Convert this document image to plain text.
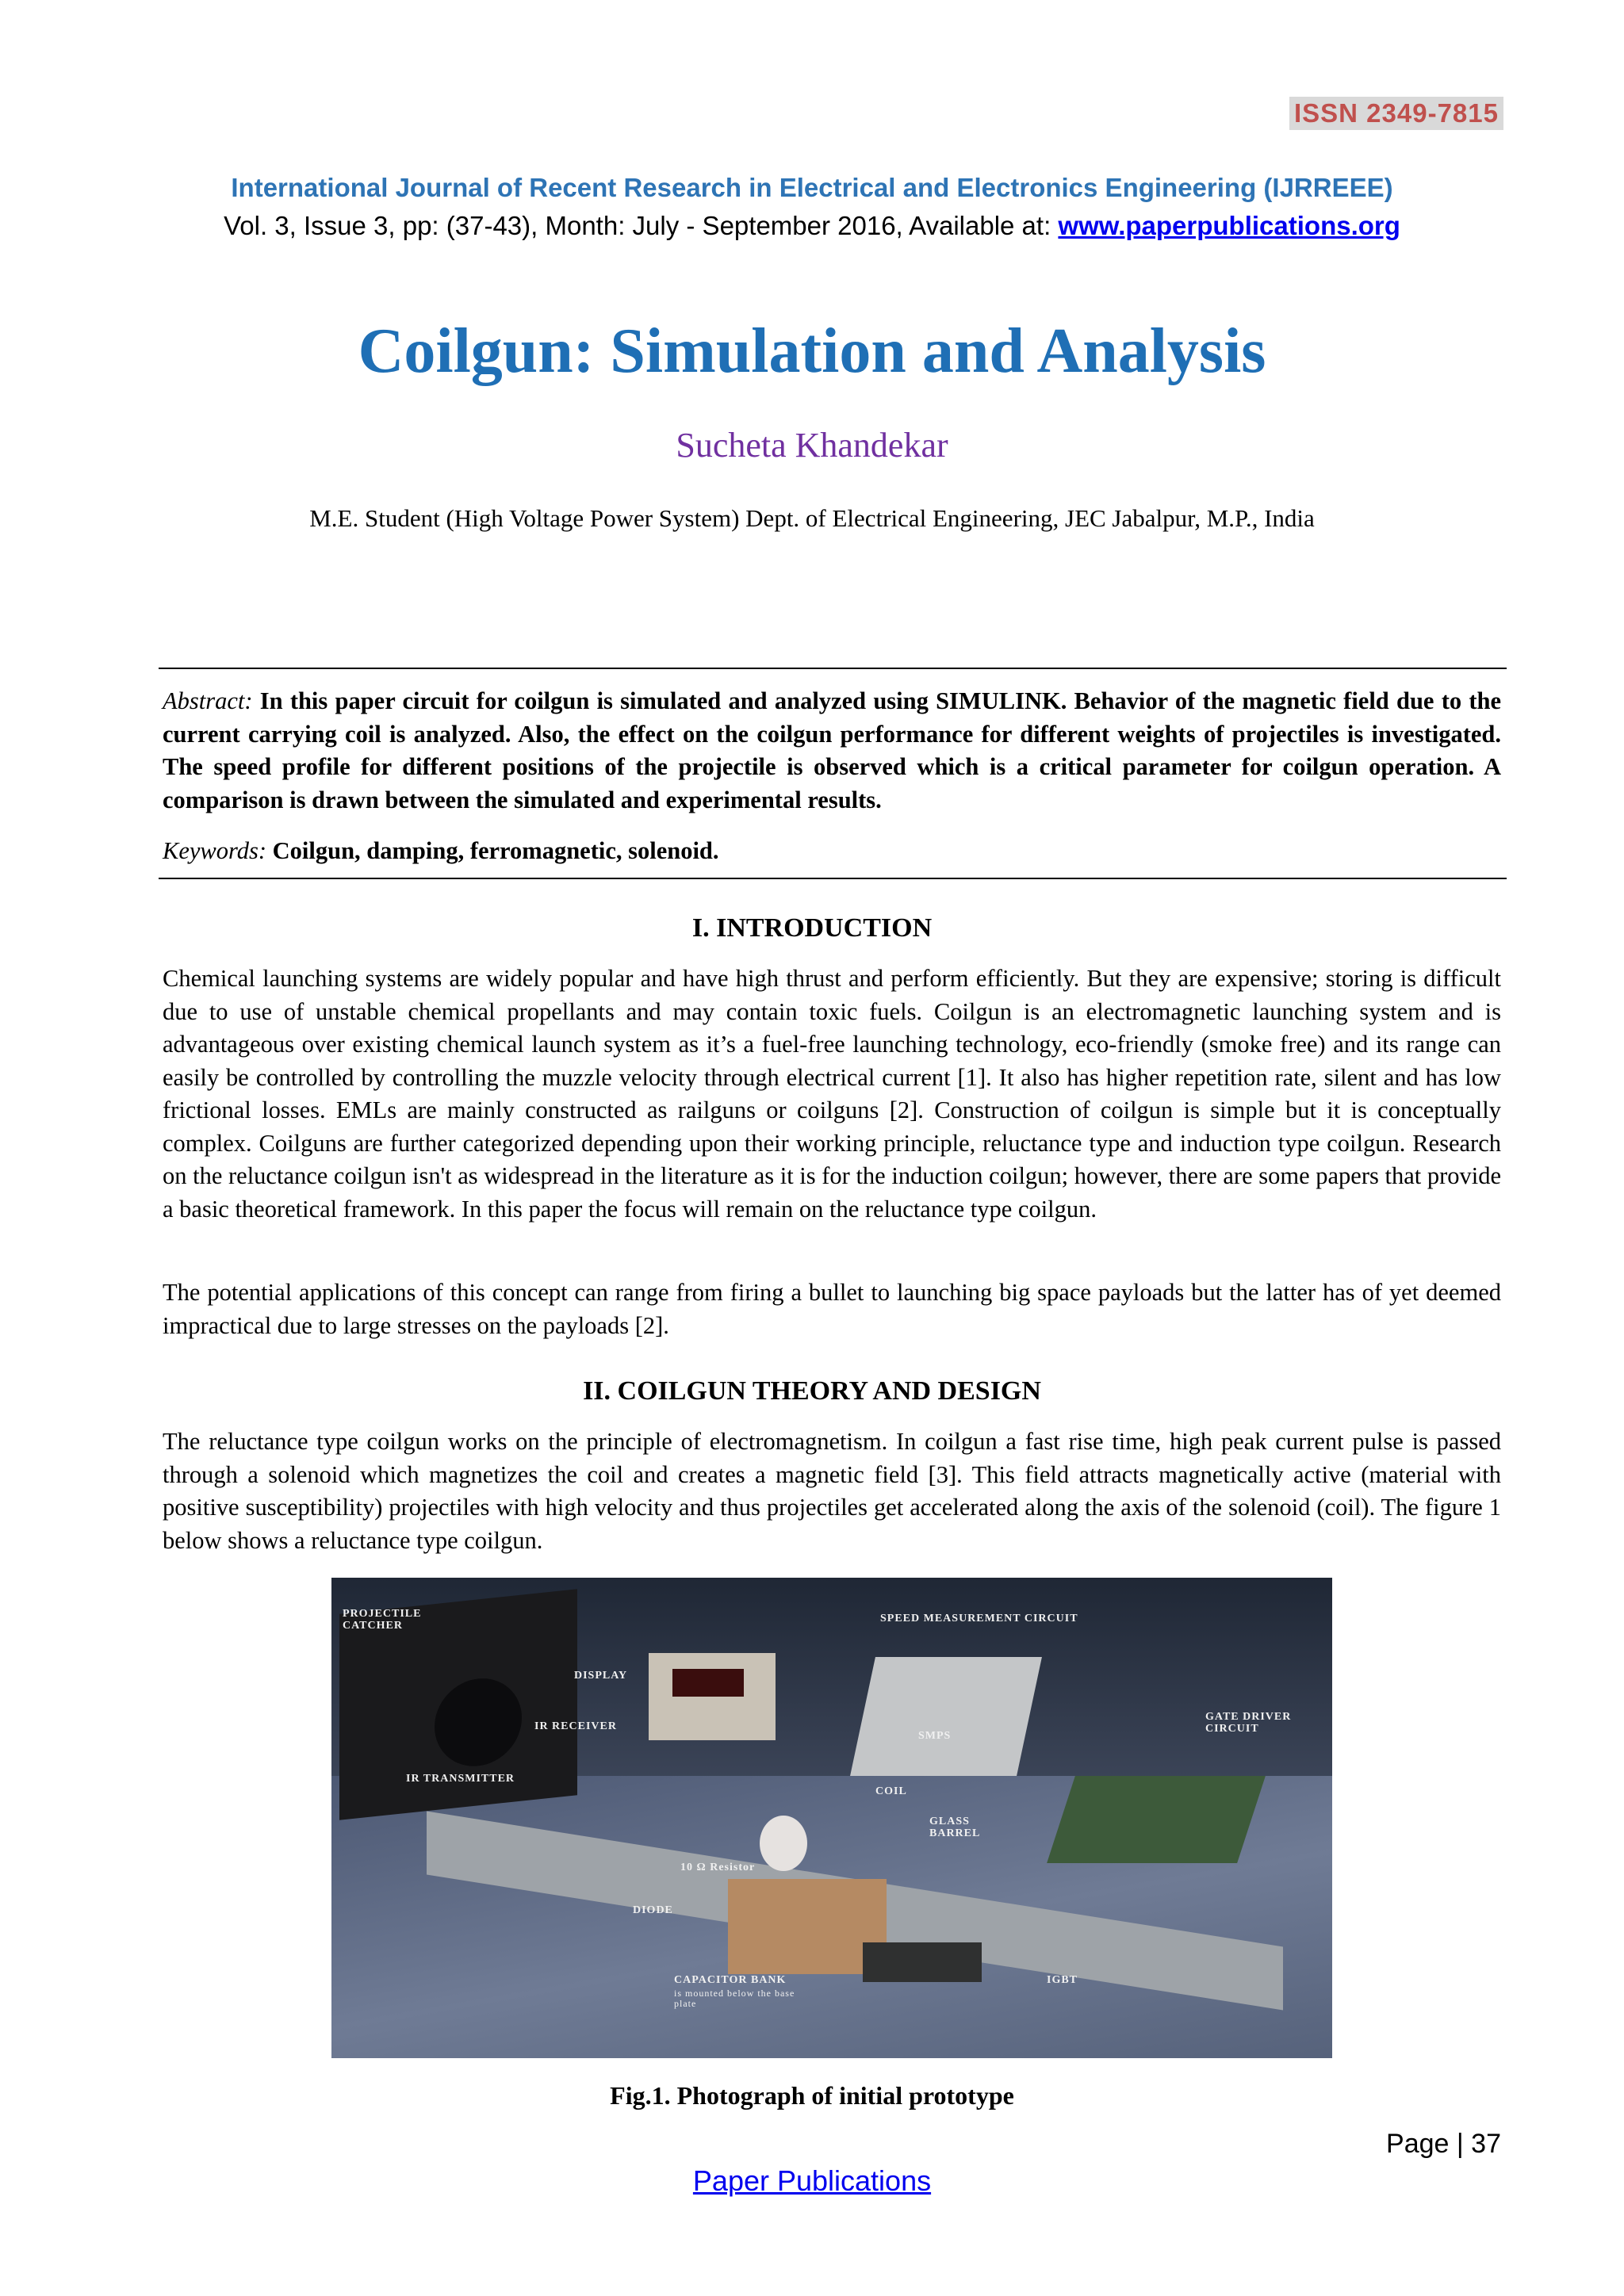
ISSN 2349-7815
International Journal of Recent Research in Electrical and Electronics Engineering (IJRREEE)
Vol. 3, Issue 3, pp: (37-43), Month: July - September 2016, Available at: www.paperpublications.org
Coilgun: Simulation and Analysis
Sucheta Khandekar
M.E. Student (High Voltage Power System) Dept. of Electrical Engineering, JEC Jabalpur, M.P., India
Abstract: In this paper circuit for coilgun is simulated and analyzed using SIMULINK. Behavior of the magnetic field due to the current carrying coil is analyzed. Also, the effect on the coilgun performance for different weights of projectiles is investigated. The speed profile for different positions of the projectile is observed which is a critical parameter for coilgun operation. A comparison is drawn between the simulated and experimental results.
Keywords: Coilgun, damping, ferromagnetic, solenoid.
I. INTRODUCTION
Chemical launching systems are widely popular and have high thrust and perform efficiently. But they are expensive; storing is difficult due to use of unstable chemical propellants and may contain toxic fuels. Coilgun is an electromagnetic launching system and is advantageous over existing chemical launch system as it’s a fuel-free launching technology, eco-friendly (smoke free) and its range can easily be controlled by controlling the muzzle velocity through electrical current [1]. It also has higher repetition rate, silent and has low frictional losses. EMLs are mainly constructed as railguns or coilguns [2]. Construction of coilgun is simple but it is conceptually complex. Coilguns are further categorized depending upon their working principle, reluctance type and induction type coilgun. Research on the reluctance coilgun isn't as widespread in the literature as it is for the induction coilgun; however, there are some papers that provide a basic theoretical framework. In this paper the focus will remain on the reluctance type coilgun.
The potential applications of this concept can range from firing a bullet to launching big space payloads but the latter has of yet deemed impractical due to large stresses on the payloads [2].
II. COILGUN THEORY AND DESIGN
The reluctance type coilgun works on the principle of electromagnetism. In coilgun a fast rise time, high peak current pulse is passed through a solenoid which magnetizes the coil and creates a magnetic field [3]. This field attracts magnetically active (material with positive susceptibility) projectiles with high velocity and thus projectiles get accelerated along the axis of the solenoid (coil). The figure 1 below shows a reluctance type coilgun.
PROJECTILE CATCHER
DISPLAY
IR RECEIVER
IR TRANSMITTER
SPEED MEASUREMENT CIRCUIT
SMPS
GATE DRIVER CIRCUIT
COIL
GLASS BARREL
10 Ω Resistor
DIODE
IGBT
CAPACITOR BANK
is mounted below the base plate
Fig.1. Photograph of initial prototype
Page | 37
Paper Publications
